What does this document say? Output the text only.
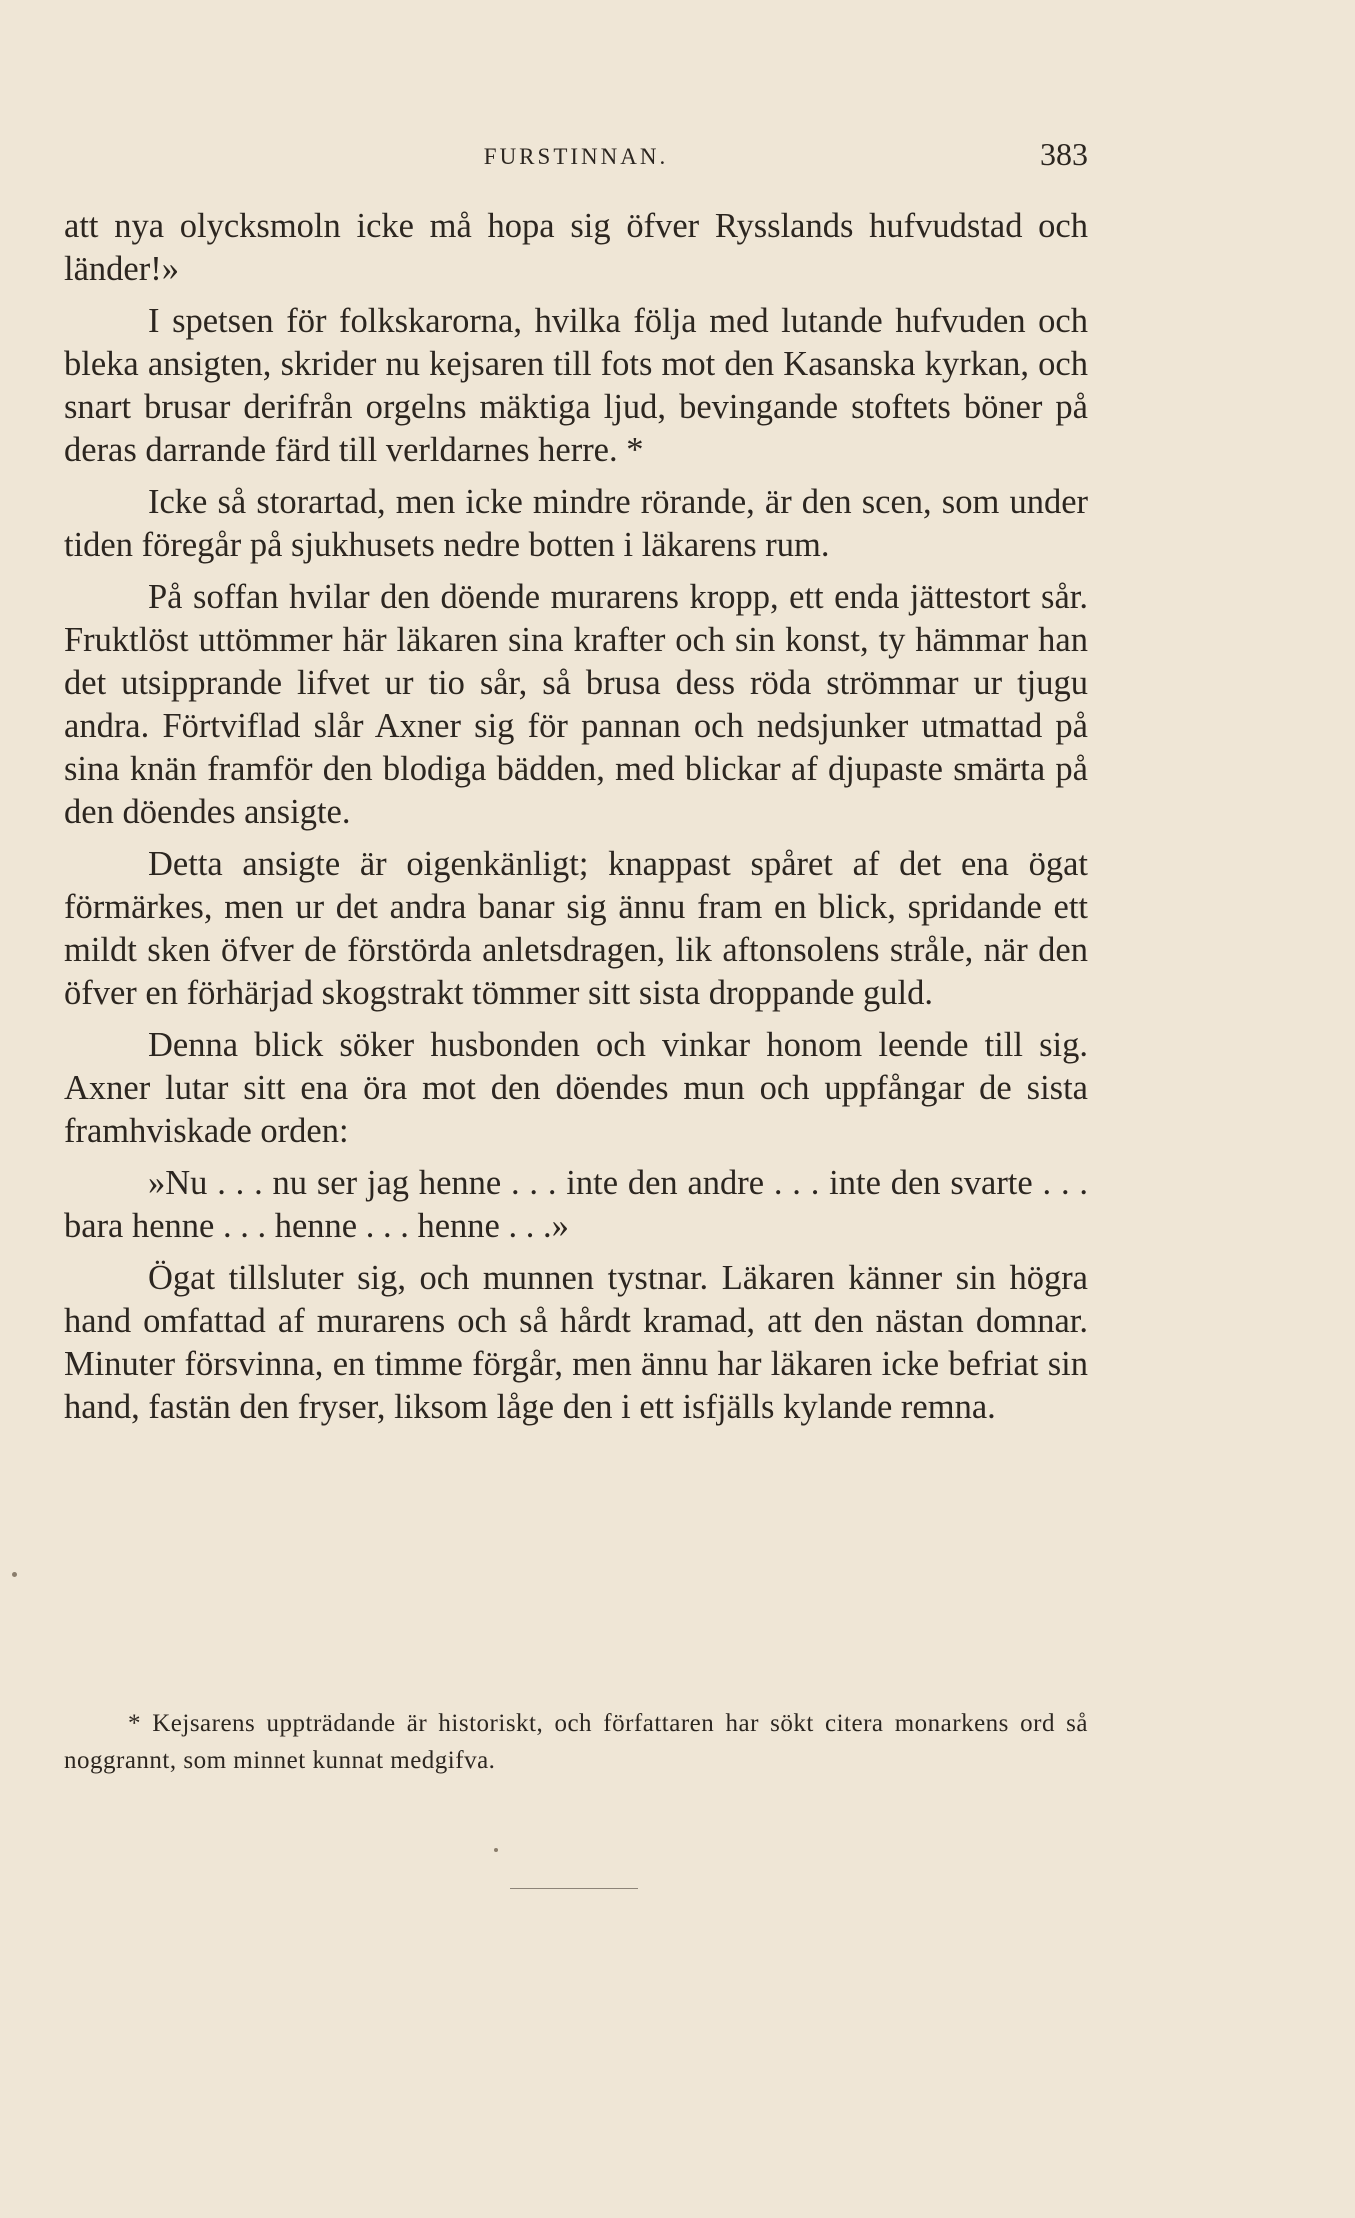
FURSTINNAN.	383

att nya olycksmoln icke må hopa sig öfver Rysslands hufvudstad och länder!»

I spetsen för folkskarorna, hvilka följa med lutande hufvuden och bleka ansigten, skrider nu kejsaren till fots mot den Kasanska kyrkan, och snart brusar derifrån orgelns mäktiga ljud, bevingande stoftets böner på deras darrande färd till verldarnes herre. *

Icke så storartad, men icke mindre rörande, är den scen, som under tiden föregår på sjukhusets nedre botten i läkarens rum.

På soffan hvilar den döende murarens kropp, ett enda jättestort sår. Fruktlöst uttömmer här läkaren sina krafter och sin konst, ty hämmar han det utsipprande lifvet ur tio sår, så brusa dess röda strömmar ur tjugu andra. Förtviflad slår Axner sig för pannan och nedsjunker utmattad på sina knän framför den blodiga bädden, med blickar af djupaste smärta på den döendes ansigte.

Detta ansigte är oigenkänligt; knappast spåret af det ena ögat förmärkes, men ur det andra banar sig ännu fram en blick, spridande ett mildt sken öfver de förstörda anletsdragen, lik aftonsolens stråle, när den öfver en förhärjad skogstrakt tömmer sitt sista droppande guld.

Denna blick söker husbonden och vinkar honom leende till sig. Axner lutar sitt ena öra mot den döendes mun och uppfångar de sista framhviskade orden:

»Nu . . . nu ser jag henne . . . inte den andre . . . inte den svarte . . . bara henne . . . henne . . . henne . . .»

Ögat tillsluter sig, och munnen tystnar. Läkaren känner sin högra hand omfattad af murarens och så hårdt kramad, att den nästan domnar. Minuter försvinna, en timme förgår, men ännu har läkaren icke befriat sin hand, fastän den fryser, liksom låge den i ett isfjälls kylande remna.

* Kejsarens uppträdande är historiskt, och författaren har sökt citera monarkens ord så noggrannt, som minnet kunnat medgifva.
